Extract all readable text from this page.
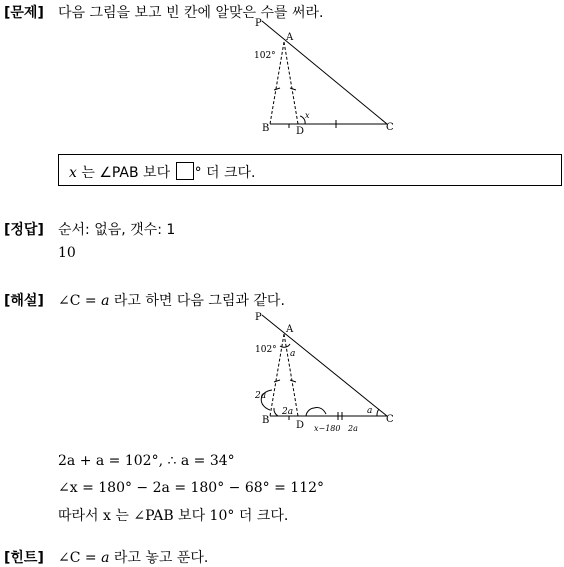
[문제] 다음 그림을 보고 빈 칸에 알맞은 수를 써라.
P
A
102°
B	D	C
x
x 는 ∠PAB 보다 ° 더 크다.
[정답] 순서: 없음, 갯수: 1
10
[해설] ∠C = a 라고 하면 다음 그림과 같다.
P
A
102° a
2a
2a	a
B	D
C
x−180 2a
2a + a = 102°, ∴ a = 34°
∠x = 180° − 2a = 180° − 68° = 112°
따라서 x 는 ∠PAB 보다 10° 더 크다.
[힌트] ∠C = a 라고 놓고 푼다.
